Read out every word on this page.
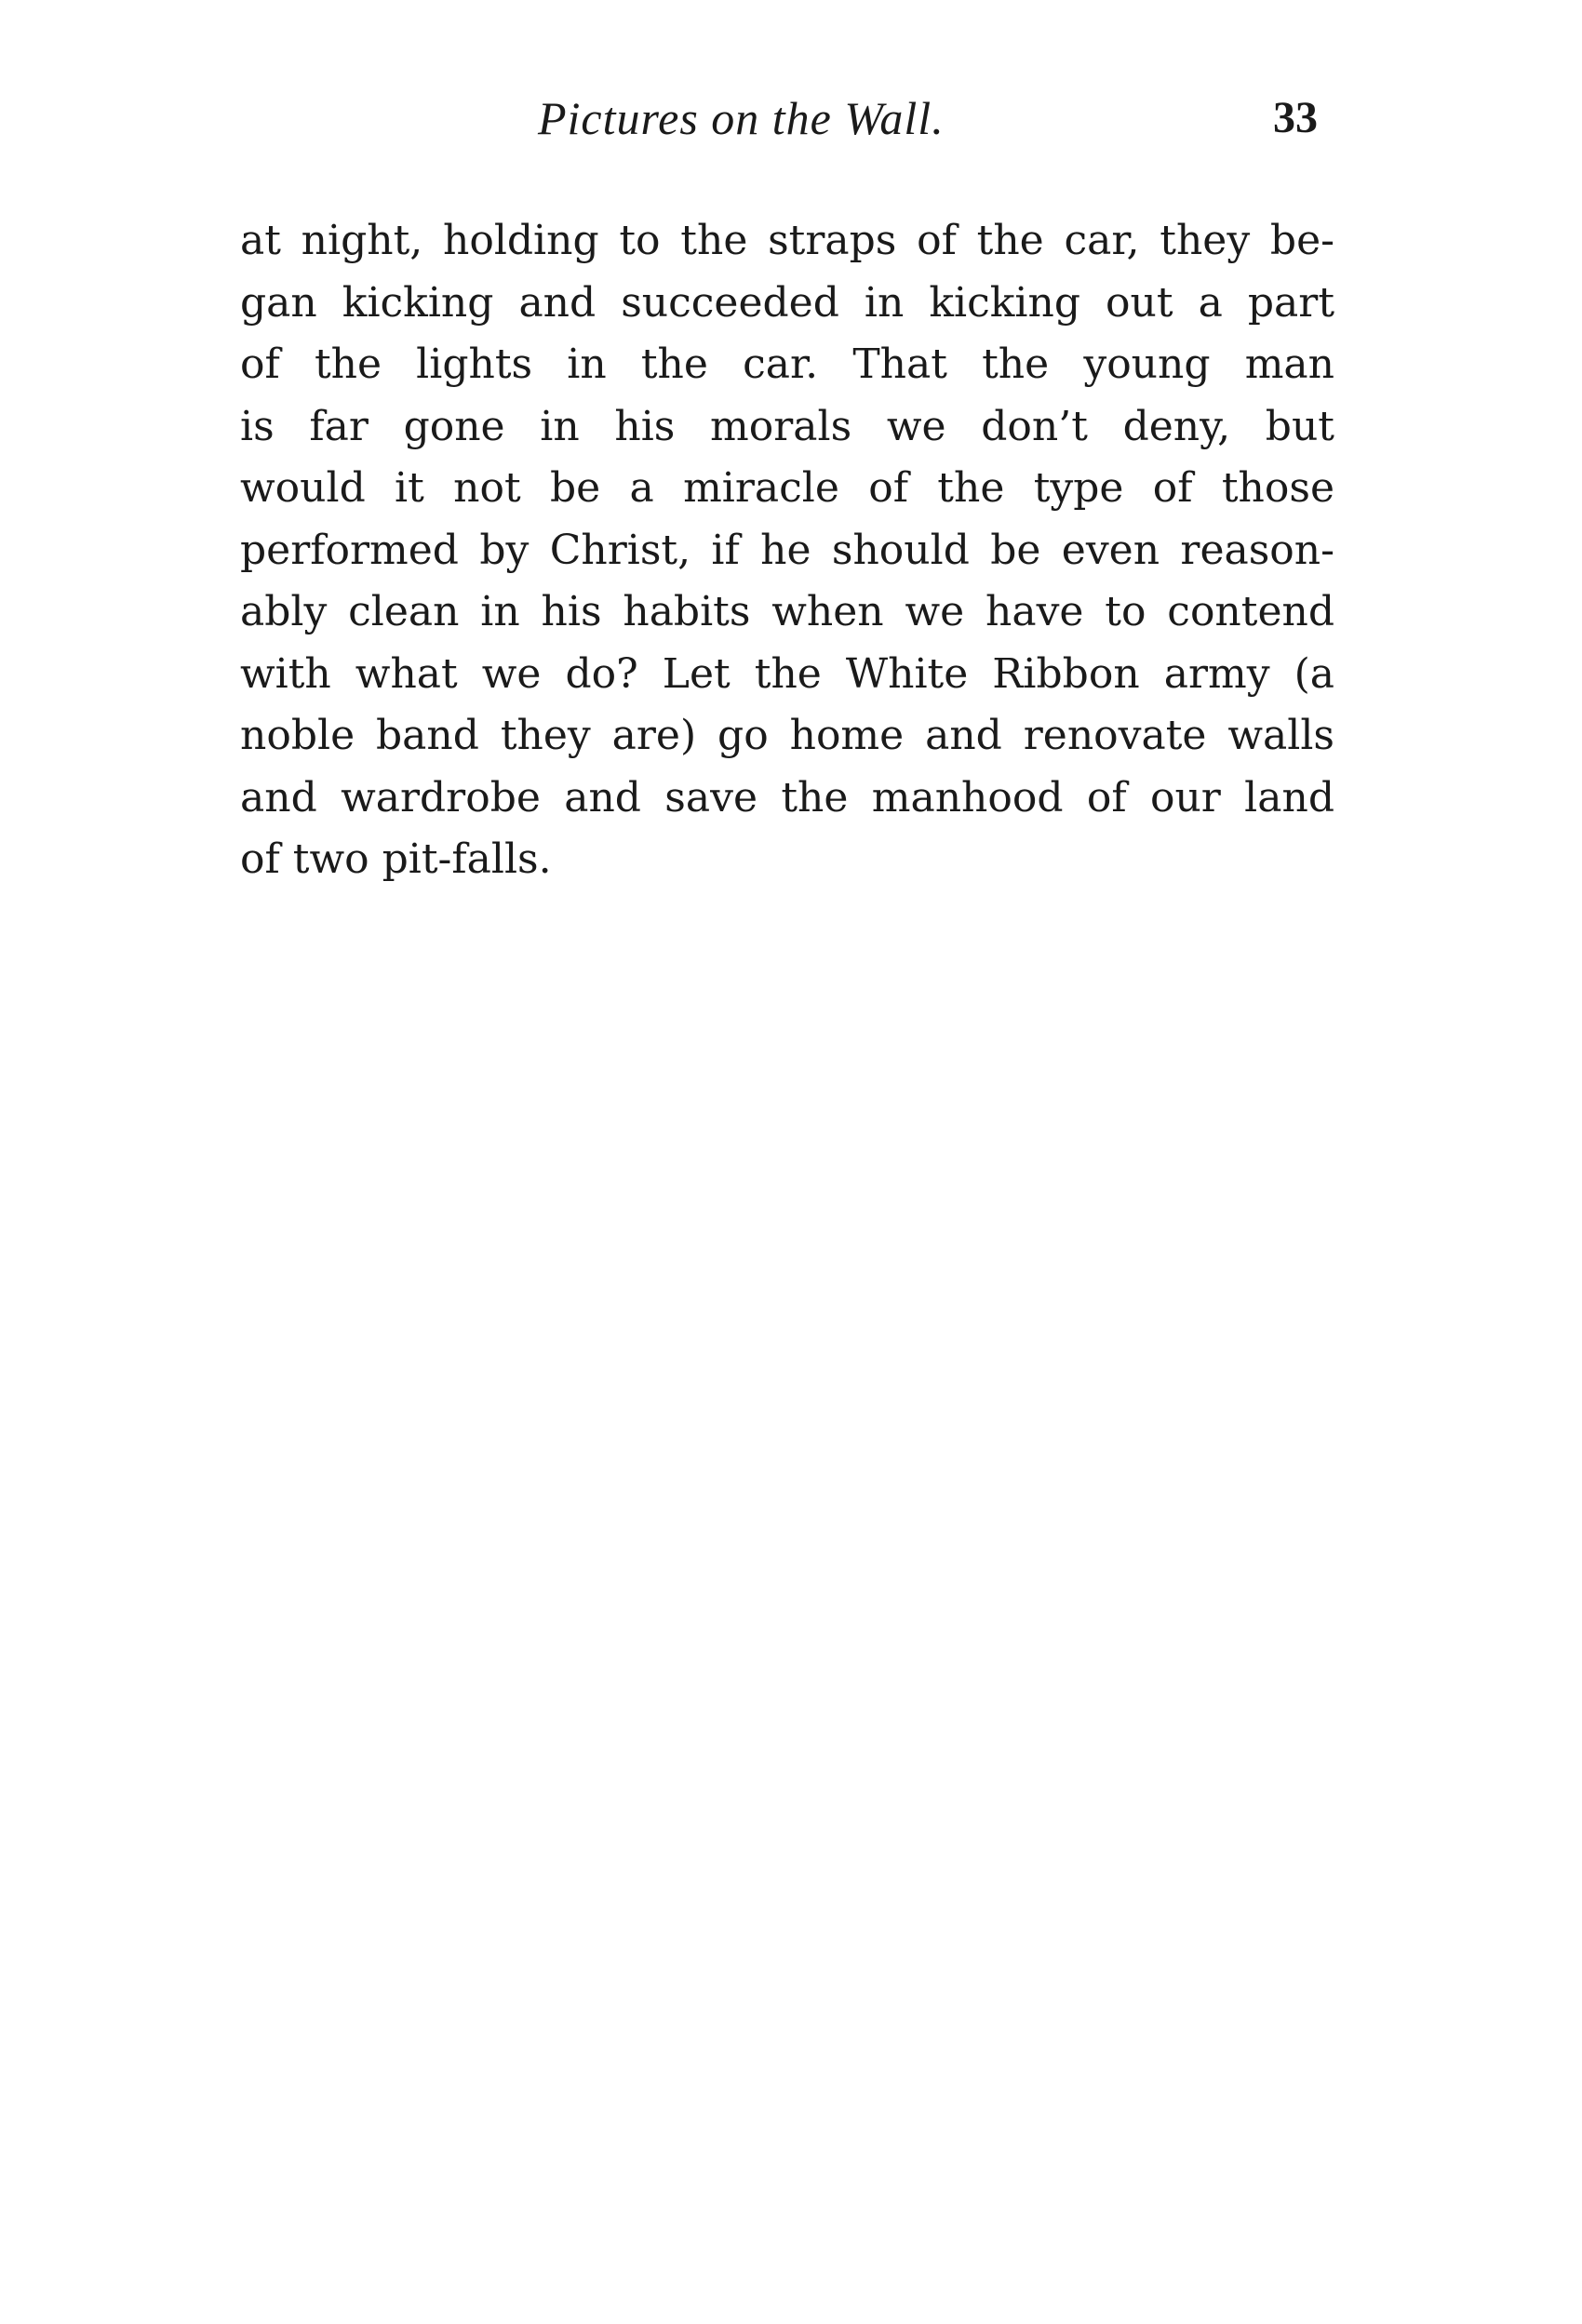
Pictures on the Wall.	33
at night, holding to the straps of the car, they be-
gan kicking and succeeded in kicking out a part
of the lights in the car. That the young man
is far gone in his morals we don’t deny, but
would it not be a miracle of the type of those
performed by Christ, if he should be even reason-
ably clean in his habits when we have to contend
with what we do? Let the White Ribbon army (a
noble band they are) go home and renovate walls
and wardrobe and save the manhood of our land
of two pit-falls.
